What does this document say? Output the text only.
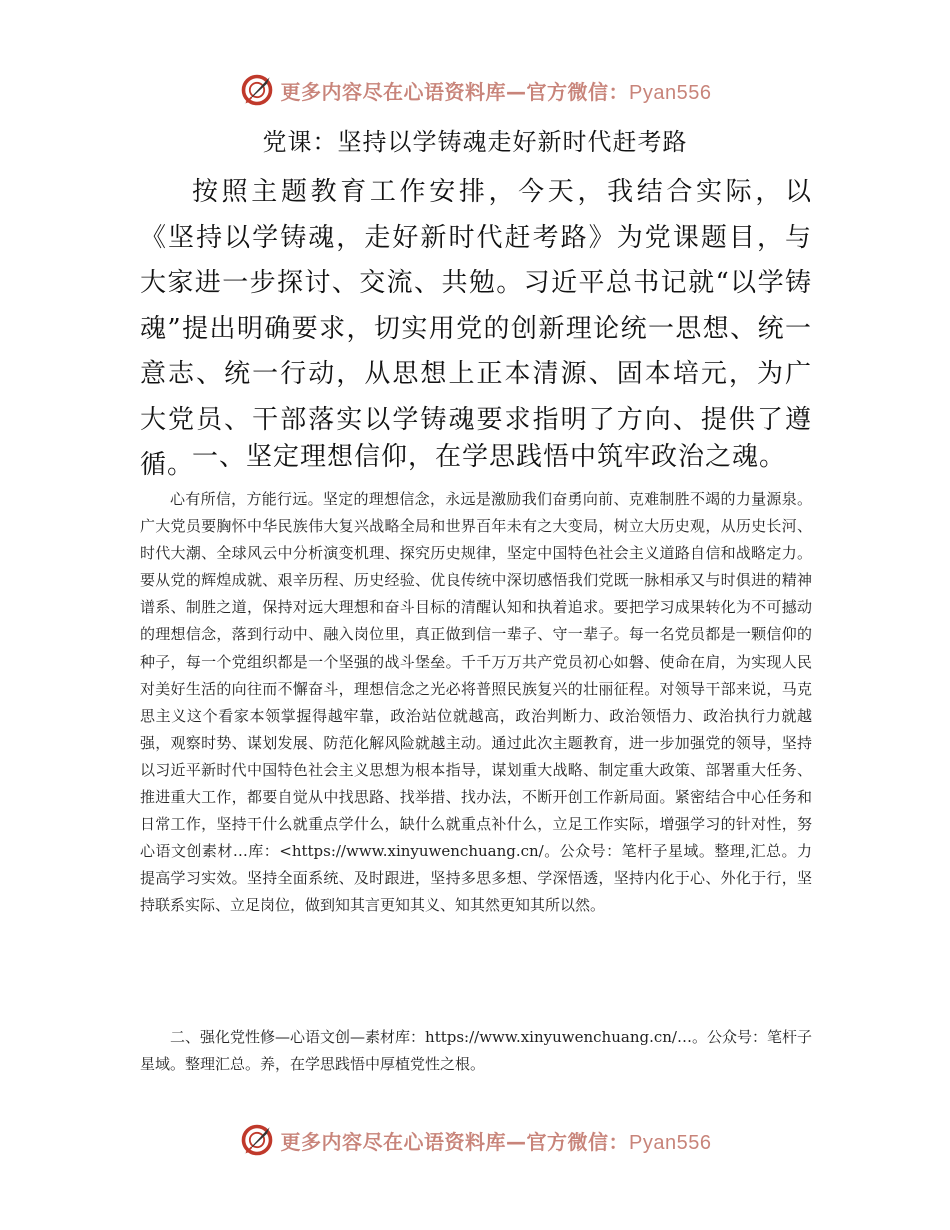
更多内容尽在心语资料库—官方微信：Pyan556
党课：坚持以学铸魂走好新时代赶考路

按照主题教育工作安排，今天，我结合实际，以《坚持以学铸魂，走好新时代赶考路》为党课题目，与大家进一步探讨、交流、共勉。习近平总书记就“以学铸魂”提出明确要求，切实用党的创新理论统一思想、统一意志、统一行动，从思想上正本清源、固本培元，为广大党员、干部落实以学铸魂要求指明了方向、提供了遵循。

一、坚定理想信仰，在学思践悟中筑牢政治之魂。

心有所信，方能行远。坚定的理想信念，永远是激励我们奋勇向前、克难制胜不竭的力量源泉。广大党员要胸怀中华民族伟大复兴战略全局和世界百年未有之大变局，树立大历史观，从历史长河、时代大潮、全球风云中分析演变机理、探究历史规律，坚定中国特色社会主义道路自信和战略定力。要从党的辉煌成就、艰辛历程、历史经验、优良传统中深切感悟我们党既一脉相承又与时俱进的精神谱系、制胜之道，保持对远大理想和奋斗目标的清醒认知和执着追求。要把学习成果转化为不可撼动的理想信念，落到行动中、融入岗位里，真正做到信一辈子、守一辈子。每一名党员都是一颗信仰的种子，每一个党组织都是一个坚强的战斗堡垒。千千万万共产党员初心如磐、使命在肩，为实现人民对美好生活的向往而不懈奋斗，理想信念之光必将普照民族复兴的壮丽征程。对领导干部来说，马克思主义这个看家本领掌握得越牢靠，政治站位就越高，政治判断力、政治领悟力、政治执行力就越强，观察时势、谋划发展、防范化解风险就越主动。通过此次主题教育，进一步加强党的领导，坚持以习近平新时代中国特色社会主义思想为根本指导，谋划重大战略、制定重大政策、部署重大任务、推进重大工作，都要自觉从中找思路、找举措、找办法，不断开创工作新局面。紧密结合中心任务和日常工作，坚持干什么就重点学什么，缺什么就重点补什么，立足工作实际，增强学习的针对性，努心语文创素材…库：<https://www.xinyuwenchuang.cn/。公众号：笔杆子星域。整理,汇总。力提高学习实效。坚持全面系统、及时跟进，坚持多思多想、学深悟透，坚持内化于心、外化于行，坚持联系实际、立足岗位，做到知其言更知其义、知其然更知其所以然。

二、强化党性修—心语文创—素材库：https://www.xinyuwenchuang.cn/…。公众号：笔杆子星域。整理汇总。养，在学思践悟中厚植党性之根。

更多内容尽在心语资料库—官方微信：Pyan556
